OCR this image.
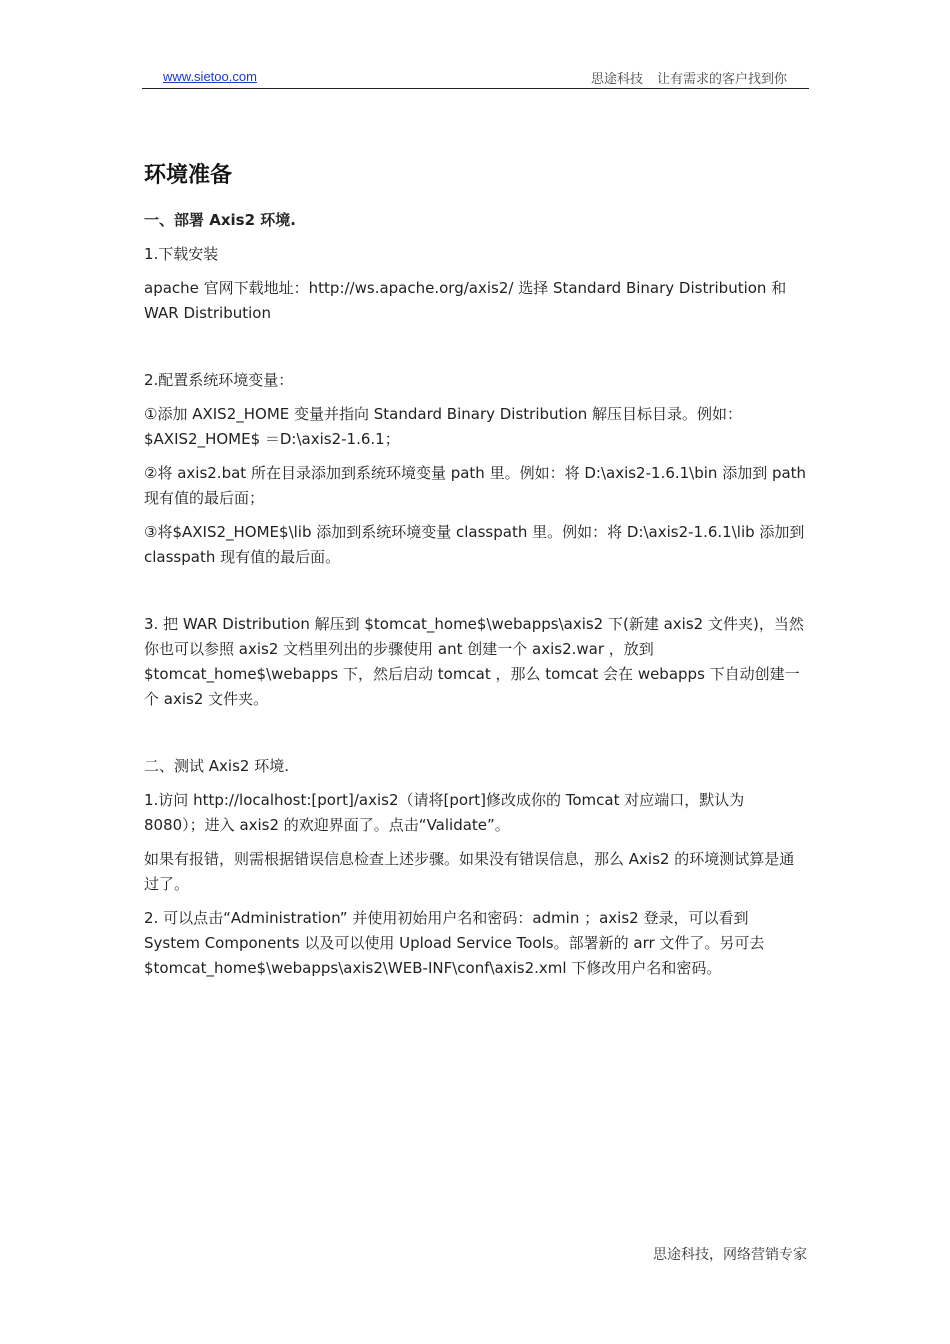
www.sietoo.com	思途科技 让有需求的客户找到你
环境准备

一、部署 Axis2 环境.

1.下载安装

apache 官网下载地址：http://ws.apache.org/axis2/ 选择 Standard Binary Distribution 和 WAR Distribution

2.配置系统环境变量：

①添加 AXIS2_HOME 变量并指向 Standard Binary Distribution 解压目标目录。例如：$AXIS2_HOME$ ＝D:\axis2-1.6.1；

②将 axis2.bat 所在目录添加到系统环境变量 path 里。例如：将 D:\axis2-1.6.1\bin 添加到 path 现有值的最后面；

③将$AXIS2_HOME$\lib 添加到系统环境变量 classpath 里。例如：将 D:\axis2-1.6.1\lib 添加到 classpath 现有值的最后面。

3. 把 WAR Distribution 解压到 $tomcat_home$\webapps\axis2 下(新建 axis2 文件夹)，当然你也可以参照 axis2 文档里列出的步骤使用 ant 创建一个 axis2.war ，放到 $tomcat_home$\webapps 下，然后启动 tomcat ，那么 tomcat 会在 webapps 下自动创建一个 axis2 文件夹。

二、测试 Axis2 环境.

1.访问 http://localhost:[port]/axis2（请将[port]修改成你的 Tomcat 对应端口，默认为 8080）；进入 axis2 的欢迎界面了。点击“Validate”。

如果有报错，则需根据错误信息检查上述步骤。如果没有错误信息，那么 Axis2 的环境测试算是通过了。

2. 可以点击“Administration” 并使用初始用户名和密码：admin ；axis2 登录，可以看到 System Components 以及可以使用 Upload Service Tools。部署新的 arr 文件了。另可去 $tomcat_home$\webapps\axis2\WEB-INF\conf\axis2.xml 下修改用户名和密码。

思途科技，网络营销专家
